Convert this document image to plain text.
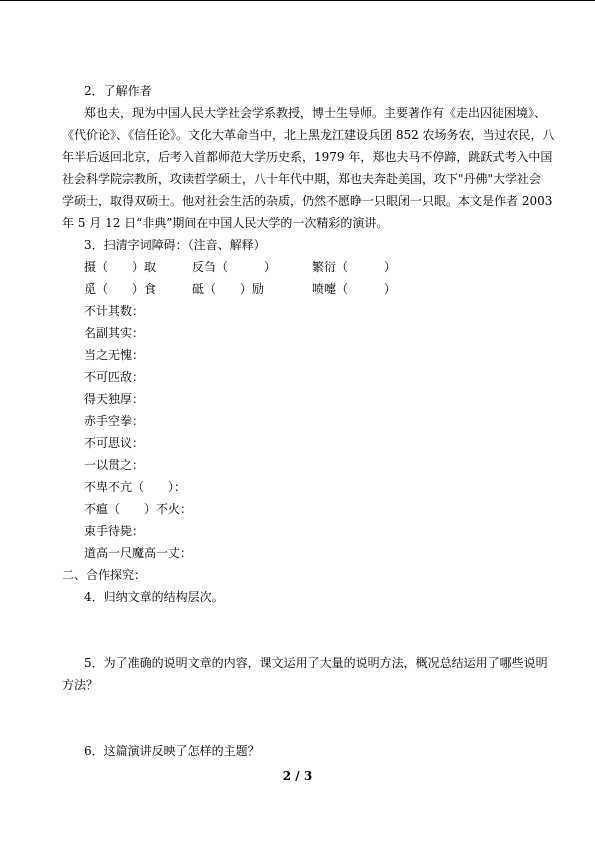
2．了解作者
郑也夫，现为中国人民大学社会学系教授，博士生导师。主要著作有《走出囚徒困境》、
《代价论》、《信任论》。文化大革命当中，北上黑龙江建设兵团 852 农场务农，当过农民，八
年半后返回北京，后考入首都师范大学历史系，1979 年，郑也夫马不停蹄，跳跃式考入中国
社会科学院宗教所，攻读哲学硕士，八十年代中期，郑也夫奔赴美国，攻下"丹佛"大学社会
学硕士，取得双硕士。他对社会生活的杂质，仍然不愿睁一只眼闭一只眼。本文是作者 2003
年 5 月 12 日“非典”期间在中国人民大学的一次精彩的演讲。
3．扫清字词障碍：（注音、解释）
摄（　　）取	反刍（　　　）	繁衍（　　　）
觅（　　）食	砥（　　）励	喷嚏（　　　）
不计其数：
名副其实：
当之无愧：
不可匹敌：
得天独厚：
赤手空拳：
不可思议：
一以贯之：
不卑不亢（　　）：
不瘟（　　）不火：
束手待毙：
道高一尺魔高一丈：
二、合作探究：
4．归纳文章的结构层次。
5．为了准确的说明文章的内容，课文运用了大量的说明方法，概况总结运用了哪些说明
方法？
6．这篇演讲反映了怎样的主题？
2 / 3
